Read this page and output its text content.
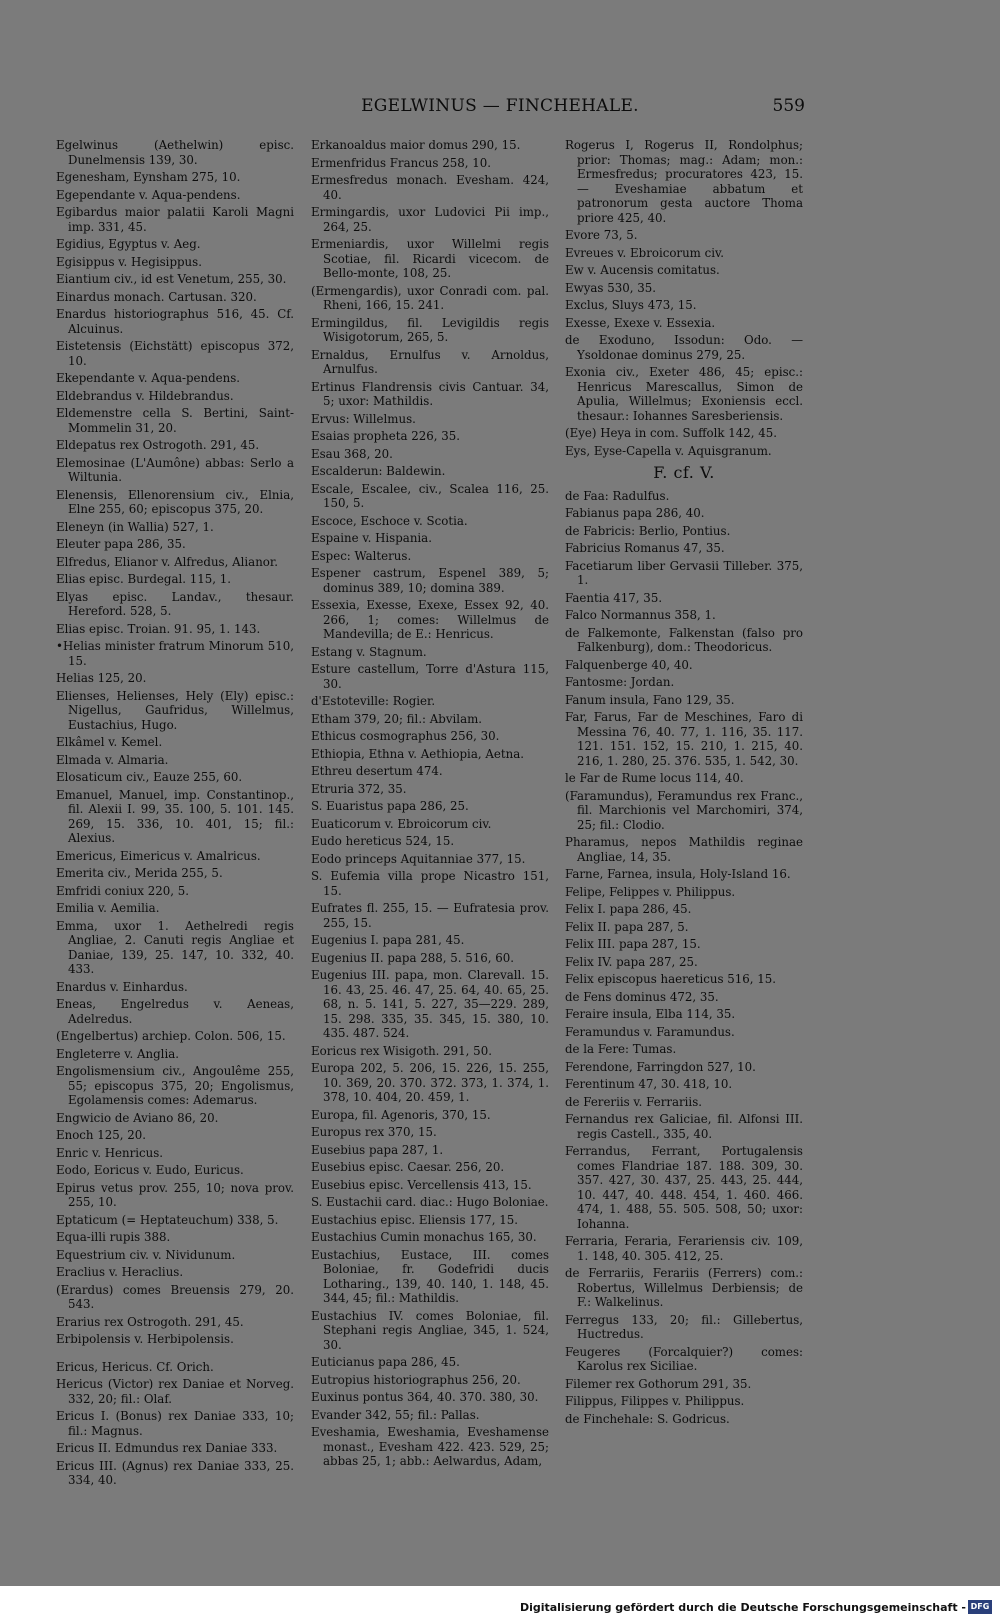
EGELWINUS — FINCHEHALE.	559
Egelwinus (Aethelwin) episc. Dunelmensis 139, 30.
Egenesham, Eynsham 275, 10.
Egependante v. Aqua-pendens.
Egibardus maior palatii Karoli Magni imp. 331, 45.
Egidius, Egyptus v. Aeg.
Egisippus v. Hegisippus.
Eiantium civ., id est Venetum, 255, 30.
Einardus monach. Cartusan. 320.
Enardus historiographus 516, 45. Cf. Alcuinus.
Eistetensis (Eichstätt) episcopus 372, 10.
Ekependante v. Aqua-pendens.
Eldebrandus v. Hildebrandus.
Eldemenstre cella S. Bertini, Saint-Mommelin 31, 20.
Eldepatus rex Ostrogoth. 291, 45.
Elemosinae (L'Aumône) abbas: Serlo a Wiltunia.
Elenensis, Ellenorensium civ., Elnia, Elne 255, 60; episcopus 375, 20.
Eleneyn (in Wallia) 527, 1.
Eleuter papa 286, 35.
Elfredus, Elianor v. Alfredus, Alianor.
Elias episc. Burdegal. 115, 1.
Elyas episc. Landav., thesaur. Hereford. 528, 5.
Elias episc. Troian. 91. 95, 1. 143.
•Helias minister fratrum Minorum 510, 15.
Helias 125, 20.
Elienses, Helienses, Hely (Ely) episc.: Nigellus, Gaufridus, Willelmus, Eustachius, Hugo.
Elkâmel v. Kemel.
Elmada v. Almaria.
Elosaticum civ., Eauze 255, 60.
Emanuel, Manuel, imp. Constantinop., fil. Alexii I. 99, 35. 100, 5. 101. 145. 269, 15. 336, 10. 401, 15; fil.: Alexius.
Emericus, Eimericus v. Amalricus.
Emerita civ., Merida 255, 5.
Emfridi coniux 220, 5.
Emilia v. Aemilia.
Emma, uxor 1. Aethelredi regis Angliae, 2. Canuti regis Angliae et Daniae, 139, 25. 147, 10. 332, 40. 433.
Enardus v. Einhardus.
Eneas, Engelredus v. Aeneas, Adelredus.
(Engelbertus) archiep. Colon. 506, 15.
Engleterre v. Anglia.
Engolismensium civ., Angoulême 255, 55; episcopus 375, 20; Engolismus, Egolamensis comes: Ademarus.
Engwicio de Aviano 86, 20.
Enoch 125, 20.
Enric v. Henricus.
Eodo, Eoricus v. Eudo, Euricus.
Epirus vetus prov. 255, 10; nova prov. 255, 10.
Eptaticum (= Heptateuchum) 338, 5.
Equa-illi rupis 388.
Equestrium civ. v. Nividunum.
Eraclius v. Heraclius.
(Erardus) comes Breuensis 279, 20. 543.
Erarius rex Ostrogoth. 291, 45.
Erbipolensis v. Herbipolensis.
Ericus, Hericus. Cf. Orich.
Hericus (Victor) rex Daniae et Norveg. 332, 20; fil.: Olaf.
Ericus I. (Bonus) rex Daniae 333, 10; fil.: Magnus.
Ericus II. Edmundus rex Daniae 333.
Ericus III. (Agnus) rex Daniae 333, 25. 334, 40.
Erkanoaldus maior domus 290, 15.
Ermenfridus Francus 258, 10.
Ermesfredus monach. Evesham. 424, 40.
Ermingardis, uxor Ludovici Pii imp., 264, 25.
Ermeniardis, uxor Willelmi regis Scotiae, fil. Ricardi vicecom. de Bello-monte, 108, 25.
(Ermengardis), uxor Conradi com. pal. Rheni, 166, 15. 241.
Ermingildus, fil. Levigildis regis Wisigotorum, 265, 5.
Ernaldus, Ernulfus v. Arnoldus, Arnulfus.
Ertinus Flandrensis civis Cantuar. 34, 5; uxor: Mathildis.
Ervus: Willelmus.
Esaias propheta 226, 35.
Esau 368, 20.
Escalderun: Baldewin.
Escale, Escalee, civ., Scalea 116, 25. 150, 5.
Escoce, Eschoce v. Scotia.
Espaine v. Hispania.
Espec: Walterus.
Espener castrum, Espenel 389, 5; dominus 389, 10; domina 389.
Essexia, Exesse, Exexe, Essex 92, 40. 266, 1; comes: Willelmus de Mandevilla; de E.: Henricus.
Estang v. Stagnum.
Esture castellum, Torre d'Astura 115, 30.
d'Estoteville: Rogier.
Etham 379, 20; fil.: Abvilam.
Ethicus cosmographus 256, 30.
Ethiopia, Ethna v. Aethiopia, Aetna.
Ethreu desertum 474.
Etruria 372, 35.
S. Euaristus papa 286, 25.
Euaticorum v. Ebroicorum civ.
Eudo hereticus 524, 15.
Eodo princeps Aquitanniae 377, 15.
S. Eufemia villa prope Nicastro 151, 15.
Eufrates fl. 255, 15. — Eufratesia prov. 255, 15.
Eugenius I. papa 281, 45.
Eugenius II. papa 288, 5. 516, 60.
Eugenius III. papa, mon. Clarevall. 15. 16. 43, 25. 46. 47, 25. 64, 40. 65, 25. 68, n. 5. 141, 5. 227, 35—229. 289, 15. 298. 335, 35. 345, 15. 380, 10. 435. 487. 524.
Eoricus rex Wisigoth. 291, 50.
Europa 202, 5. 206, 15. 226, 15. 255, 10. 369, 20. 370. 372. 373, 1. 374, 1. 378, 10. 404, 20. 459, 1.
Europa, fil. Agenoris, 370, 15.
Europus rex 370, 15.
Eusebius papa 287, 1.
Eusebius episc. Caesar. 256, 20.
Eusebius episc. Vercellensis 413, 15.
S. Eustachii card. diac.: Hugo Boloniae.
Eustachius episc. Eliensis 177, 15.
Eustachius Cumin monachus 165, 30.
Eustachius, Eustace, III. comes Boloniae, fr. Godefridi ducis Lotharing., 139, 40. 140, 1. 148, 45. 344, 45; fil.: Mathildis.
Eustachius IV. comes Boloniae, fil. Stephani regis Angliae, 345, 1. 524, 30.
Euticianus papa 286, 45.
Eutropius historiographus 256, 20.
Euxinus pontus 364, 40. 370. 380, 30.
Evander 342, 55; fil.: Pallas.
Eveshamia, Eweshamia, Eveshamense monast., Evesham 422. 423. 529, 25; abbas 25, 1; abb.: Aelwardus, Adam,
Rogerus I, Rogerus II, Rondolphus; prior: Thomas; mag.: Adam; mon.: Ermesfredus; procuratores 423, 15. — Eveshamiae abbatum et patronorum gesta auctore Thoma priore 425, 40.
Evore 73, 5.
Evreues v. Ebroicorum civ.
Ew v. Aucensis comitatus.
Ewyas 530, 35.
Exclus, Sluys 473, 15.
Exesse, Exexe v. Essexia.
de Exoduno, Issodun: Odo. — Ysoldonae dominus 279, 25.
Exonia civ., Exeter 486, 45; episc.: Henricus Marescallus, Simon de Apulia, Willelmus; Exoniensis eccl. thesaur.: Iohannes Saresberiensis.
(Eye) Heya in com. Suffolk 142, 45.
Eys, Eyse-Capella v. Aquisgranum.
F. cf. V.
de Faa: Radulfus.
Fabianus papa 286, 40.
de Fabricis: Berlio, Pontius.
Fabricius Romanus 47, 35.
Facetiarum liber Gervasii Tilleber. 375, 1.
Faentia 417, 35.
Falco Normannus 358, 1.
de Falkemonte, Falkenstan (falso pro Falkenburg), dom.: Theodoricus.
Falquenberge 40, 40.
Fantosme: Jordan.
Fanum insula, Fano 129, 35.
Far, Farus, Far de Meschines, Faro di Messina 76, 40. 77, 1. 116, 35. 117. 121. 151. 152, 15. 210, 1. 215, 40. 216, 1. 280, 25. 376. 535, 1. 542, 30.
le Far de Rume locus 114, 40.
(Faramundus), Feramundus rex Franc., fil. Marchionis vel Marchomiri, 374, 25; fil.: Clodio.
Pharamus, nepos Mathildis reginae Angliae, 14, 35.
Farne, Farnea, insula, Holy-Island 16.
Felipe, Felippes v. Philippus.
Felix I. papa 286, 45.
Felix II. papa 287, 5.
Felix III. papa 287, 15.
Felix IV. papa 287, 25.
Felix episcopus haereticus 516, 15.
de Fens dominus 472, 35.
Feraire insula, Elba 114, 35.
Feramundus v. Faramundus.
de la Fere: Tumas.
Ferendone, Farringdon 527, 10.
Ferentinum 47, 30. 418, 10.
de Fereriis v. Ferrariis.
Fernandus rex Galiciae, fil. Alfonsi III. regis Castell., 335, 40.
Ferrandus, Ferrant, Portugalensis comes Flandriae 187. 188. 309, 30. 357. 427, 30. 437, 25. 443, 25. 444, 10. 447, 40. 448. 454, 1. 460. 466. 474, 1. 488, 55. 505. 508, 50; uxor: Iohanna.
Ferraria, Feraria, Ferariensis civ. 109, 1. 148, 40. 305. 412, 25.
de Ferrariis, Ferariis (Ferrers) com.: Robertus, Willelmus Derbiensis; de F.: Walkelinus.
Ferregus 133, 20; fil.: Gillebertus, Huctredus.
Feugeres (Forcalquier?) comes: Karolus rex Siciliae.
Filemer rex Gothorum 291, 35.
Filippus, Filippes v. Philippus.
de Finchehale: S. Godricus.
Digitalisierung gefördert durch die Deutsche Forschungsgemeinschaft - DFG
